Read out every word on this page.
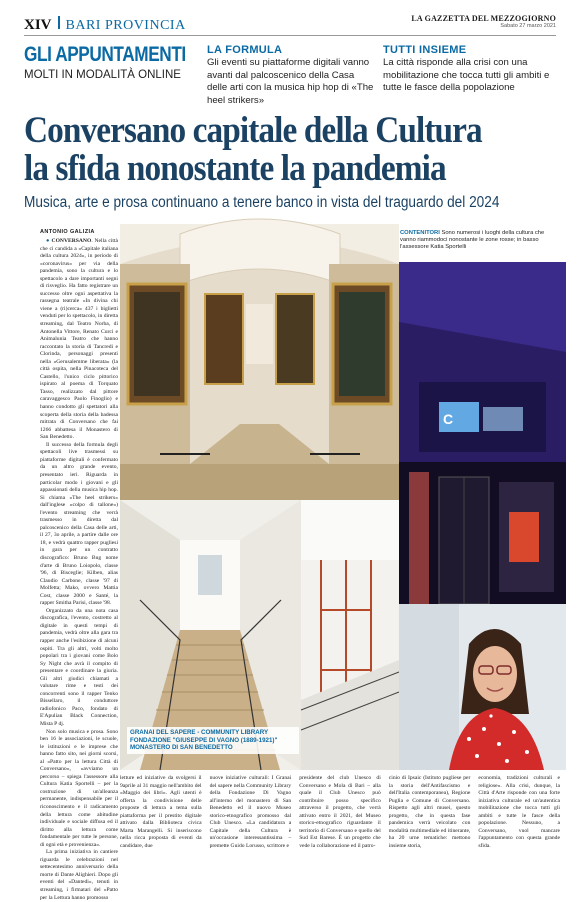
XIV BARI PROVINCIA	LA GAZZETTA DEL MEZZOGIORNO
Sabato 27 marzo 2021
GLI APPUNTAMENTI
MOLTI IN MODALITÀ ONLINE
LA FORMULA
Gli eventi su piattaforme digitali vanno avanti dal palcoscenico della Casa delle arti con la musica hip hop di «The heel strikers»
TUTTI INSIEME
La città risponde alla crisi con una mobilitazione che tocca tutti gli ambiti e tutte le fasce della popolazione
Conversano capitale della Cultura
la sfida nonostante la pandemia
Musica, arte e prosa continuano a tenere banco in vista del traguardo del 2024
ANTONIO GALIZIA

● CONVERSANO. Nella città che ci candida a «Capitale italiana della cultura 2024», in periodo di «coronavirus» per via della pandemia, sono la cultura e lo spettacolo a dare importanti segni di risveglio. Ha fatto registrare un successo oltre ogni aspettativa la rassegna teatrale «In divina chi viene a (ri)cerca» 437 i biglietti venduti per lo spettacolo, in diretta streaming, dal Teatro Norba, di Antonella Vittore, Renato Curci e Animalunia Teatro che hanno raccontato la storia di Tancredi e Clorinda, personaggi presenti nella «Gerusalemme liberata» (la città ospita, nella Pinacoteca del Castello, l'unico ciclo pittorico ispirato al poema di Torquato Tasso, realizzato dal pittore caravaggesco Paolo Finoglio) e hanno condotto gli spettatori alla scoperta della storia della badessa mitrata di Conversano che fai 1266 abbattesa il Monastero di San Benedetto.

Il successo della formula degli spettacoli live trasmessi su piattaforme digitali è confermato da un altro grande evento, presentato ieri. Riguarda in particolar modo i giovani e gli appassionati della musica hip hop. Si chiama «The heel strikers» dall'inglese «colpo di tallone») l'evento streaming che verrà trasmesso in diretta dal palcoscenico della Casa delle arti, il 27, 3o aprile, a partire dalle ore 18, e vedrà quattro rapper pugliesi in gara per un contratto discografico: Bruno Bug nome d'arte di Bruno Loiopolo, classe '96, di Bisceglie; Kilben, alias Claudio Carbone, classe '97 di Molfetta; Mako, ovvero Mattia Cost, classe 2000 e Santé, la rapper Smitha Parisi, classe '98.

Organizzato da una nota casa discografica, l'evento, costretto al digitale in questi tempi di pandemia, vedrà oltre alla gara tra rapper anche l'esibizione di alcuni ospiti. Tra gli altri, volti molto popolari tra i giovani come Bolo Sy Night che avrà il compito di presentare e coordinare la giuria. Gli altri giudici chiamati a valutare rime e testi dei concorrenti sono il rapper Tenko Bissellaro, il conduttore radiofonico Paco, fondato di E'Apulian Black Connection, Mista P dj.

Non solo musica e prosa. Sono ben 16 le associazioni, le scuole, le istituzioni e le imprese che hanno fatto sito, nei giorni scorsi, al «Patto per la lettura Città di Conversano», «avviamo un percorso – spiega l'assessore alla Cultura Katia Sportelli – per la costruzione di un'alleanza permanente, indispensabile per il riconoscimento e il radicamento della lettura come abitudine individuale e sociale diffusa ed il diritto alla lettura come fondamentale per tutte le persone, di ogni età e provenienza».

La prima iniziativa in cantiere riguarda le celebrazioni nel settecentesimo anniversario della morte di Dante Alighieri. Dopo gli eventi del «Dantedi», tenuti in streaming, i firmatari del «Patto per la Lettura hanno promosso

CONTENITORI Sono numerosi i luoghi della cultura che vanno riammodoci nonostante le zone rosse; in basso l'assessore Katia Sportelli
C
GRANAI DEL SAPERE - COMMUNITY LIBRARY
FONDAZIONE "GIUSEPPE DI VAGNO (1889-1921)"
MONASTERO DI SAN BENEDETTO
letture ed iniziative da svolgersi il 9aprile al 31 maggio nell'ambito del «Maggio dei libri». Agli utenti è offerta la condivisione delle proposte di lettura a tema sulla piattaforma per il prestito digitale attivato dalla Biblioteca civica Marta Marangelli. Si inseriscono nella ricca proposta di eventi da candidare, due
nuove iniziative culturali: I Granai del sapere nella Community Library della Fondazione Di Vagno all'interno del monastero di San Benedetto ed il nuovo Museo storico-etnografico promosso dal Club Unesco. «La candidatura a Capitale della Cultura è un'occasione interessantissima – premette Guido Lorusso, scrittore e
presidente del club Unesco di Conversano e Mola di Bari – alla quale il Club Unesco può contribuire posso specifico attraverso il progetto, che verrà attivato entro il 2021, del Museo storico-etnografico riguardante il territorio di Conversano e quello del Sud Est Barese. È un progetto che vede la collaborazione ed il patro-
cinio di Ipsaic (Istituto pugliese per la storia dell'Antifascismo e dell'Italia contemporanea), Regione Puglia e Comune di Conversano. Rispetto agli altri musei, questo progetto, che in questa fase pandemica verrà veicolato con modalità multimediale ed itinerante, ha 20 urne tematiche: mettono insieme storia,
economia, tradizioni culturali e religiose». Alla crisi, dunque, la Città d'Arte risponde con una forte iniziativa culturale ed un'autentica mobilitazione che tocca tutti gli ambiti e tutte le fasce della popolazione. Nessuno, a Conversano, vuol mancare l'appuntamento con questa grande sfida.
